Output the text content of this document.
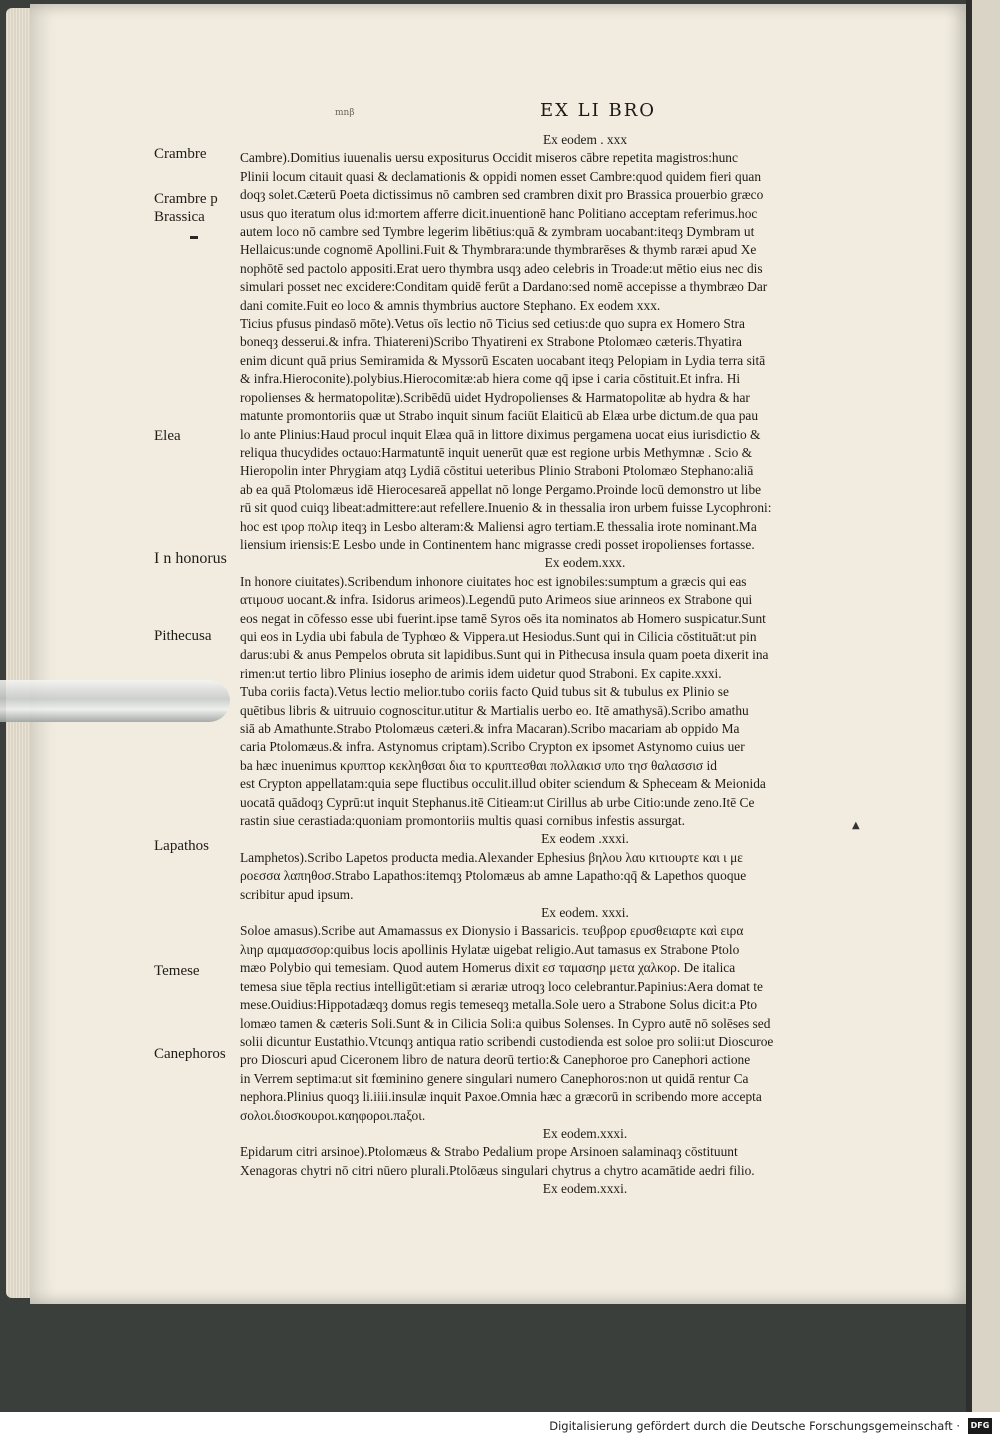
mnβ	EX LI BRO
Crambre
Crambre p Brassica
Elea
I n honorus
Pithecusa
Lapathos
Temese
Canephoros
Ex eodem . xxx
Cambre).Domitius iuuenalis uersu expositurus Occidit miseros cābre repetita magistros:hunc
Plinii locum citauit quasi & declamationis & oppidi nomen esset Cambre:quod quidem fieri quan
doqȝ solet.Cæterū Poeta dictissimus nō cambren sed crambren dixit pro Brassica prouerbio græco
usus quo iteratum olus id:mortem afferre dicit.inuentionē hanc Politiano acceptam referimus.hoc
autem loco nō cambre sed Tymbre legerim libētius:quā & zymbram uocabant:iteqȝ Dymbram ut
Hellaicus:unde cognomē Apollini.Fuit & Thymbrara:unde thymbrarēses & thymb raræi apud Xe
nophōtē sed pactolo appositi.Erat uero thymbra usqȝ adeo celebris in Troade:ut mētio eius nec dis
simulari posset nec excidere:Conditam quidē ferūt a Dardano:sed nomē accepisse a thymbræo Dar
dani comite.Fuit eo loco & amnis thymbrius auctore Stephano. Ex eodem xxx.
Ticius pfusus pindasō mōte).Vetus oīs lectio nō Ticius sed cetius:de quo supra ex Homero Stra
boneqȝ desserui.& infra. Thiatereni)Scribo Thyatireni ex Strabone Ptolomæo cæteris.Thyatira
enim dicunt quā prius Semiramida & Myssorū Escaten uocabant iteqȝ Pelopiam in Lydia terra sitā
& infra.Hieroconite).polybius.Hierocomitæ:ab hiera come qq̄ ipse i caria cōstituit.Et infra. Hi
ropolienses & hermatopolitæ).Scribēdū uidet Hydropolienses & Harmatopolitæ ab hydra & har
matunte promontoriis quæ ut Strabo inquit sinum faciūt Elaiticū ab Elæa urbe dictum.de qua pau
lo ante Plinius:Haud procul inquit Elæa quā in littore diximus pergamena uocat eius iurisdictio &
reliqua thucydides octauo:Harmatuntē inquit uenerūt quæ est regione urbis Methymnæ . Scio &
Hieropolin inter Phrygiam atqȝ Lydiā cōstitui ueteribus Plinio Straboni Ptolomæo Stephano:aliā
ab ea quā Ptolomæus idē Hierocesareā appellat nō longe Pergamo.Proinde locū demonstro ut libe
rū sit quod cuiqȝ libeat:admittere:aut refellere.Inuenio & in thessalia iron urbem fuisse Lycophroni:
hoc est ιρορ πολιρ iteqȝ in Lesbo alteram:& Maliensi agro tertiam.E thessalia irote nominant.Ma
liensium iriensis:E Lesbo unde in Continentem hanc migrasse credi posset iropolienses fortasse.
Ex eodem.xxx.
In honore ciuitates).Scribendum inhonore ciuitates hoc est ignobiles:sumptum a græcis qui eas
ατιμουσ uocant.& infra. Isidorus arimeos).Legendū puto Arimeos siue arinneos ex Strabone qui
eos negat in cōfesso esse ubi fuerint.ipse tamē Syros oēs ita nominatos ab Homero suspicatur.Sunt
qui eos in Lydia ubi fabula de Typhœo & Vippera.ut Hesiodus.Sunt qui in Cilicia cōstituāt:ut pin
darus:ubi & anus Pempelos obruta sit lapidibus.Sunt qui in Pithecusa insula quam poeta dixerit ina
rimen:ut tertio libro Plinius iosepho de arimis idem uidetur quod Straboni. Ex capite.xxxi.
Tuba coriis facta).Vetus lectio melior.tubo coriis facto Quid tubus sit & tubulus ex Plinio se
quētibus libris & uitruuio cognoscitur.utitur & Martialis uerbo eo. Itē amathysā).Scribo amathu
siā ab Amathunte.Strabo Ptolomæus cæteri.& infra Macaran).Scribo macariam ab oppido Ma
caria Ptolomæus.& infra. Astynomus criptam).Scribo Crypton ex ipsomet Astynomo cuius uer
ba hæc inuenimus κρυπτορ κεκληθσαι δια το κρυπτεσθαι πολλακισ υπο τησ θαλασσισ id
est Crypton appellatam:quia sepe fluctibus occulit.illud obiter sciendum & Spheceam & Meionida
uocatā quādoqȝ Cyprū:ut inquit Stephanus.itē Citieam:ut Cirillus ab urbe Citio:unde zeno.Itē Ce
rastin siue cerastiada:quoniam promontoriis multis quasi cornibus infestis assurgat.
Ex eodem .xxxi.
Lamphetos).Scribo Lapetos producta media.Alexander Ephesius βηλου λαυ κιτιουρτε και ι με
ροεσσα λαπηθοσ.Strabo Lapathos:itemqȝ Ptolomæus ab amne Lapatho:qq̄ & Lapethos quoque
scribitur apud ipsum.
Ex eodem. xxxi.
Soloe amasus).Scribe aut Amamassus ex Dionysio i Bassaricis. τευβρορ ερυσθειαρτε καὶ ειρα
λιηρ αμαμασσορ:quibus locis apollinis Hylatæ uigebat religio.Aut tamasus ex Strabone Ptolo
mæo Polybio qui temesiam. Quod autem Homerus dixit εσ ταμασηρ μετα χαλκορ. De italica
temesa siue tēpla rectius intelligūt:etiam si ærariæ utroqȝ loco celebrantur.Papinius:Aera domat te
mese.Ouidius:Hippotadæqȝ domus regis temeseqȝ metalla.Sole uero a Strabone Solus dicit:a Pto
lomæo tamen & cæteris Soli.Sunt & in Cilicia Soli:a quibus Solenses. In Cypro autē nō solēses sed
solii dicuntur Eustathio.Vtcunqȝ antiqua ratio scribendi custodienda est soloe pro solii:ut Dioscuroe
pro Dioscuri apud Ciceronem libro de natura deorū tertio:& Canephoroe pro Canephori actione
in Verrem septima:ut sit fœminino genere singulari numero Canephoros:non ut quidā rentur Ca
nephora.Plinius quoqȝ li.iiii.insulæ inquit Paxoe.Omnia hæc a græcorū in scribendo more accepta
σολοι.διοσκουροι.καηφοροι.πaξοι.
Ex eodem.xxxi.
Epidarum citri arsinoe).Ptolomæus & Strabo Pedalium prope Arsinoen salaminaqȝ cōstituunt
Xenagoras chytri nō citri nūero plurali.Ptolōæus singulari chytrus a chytro acamātide aedri filio.
Ex eodem.xxxi.
▲
Digitalisierung gefördert durch die Deutsche Forschungsgemeinschaft ·	DFG
